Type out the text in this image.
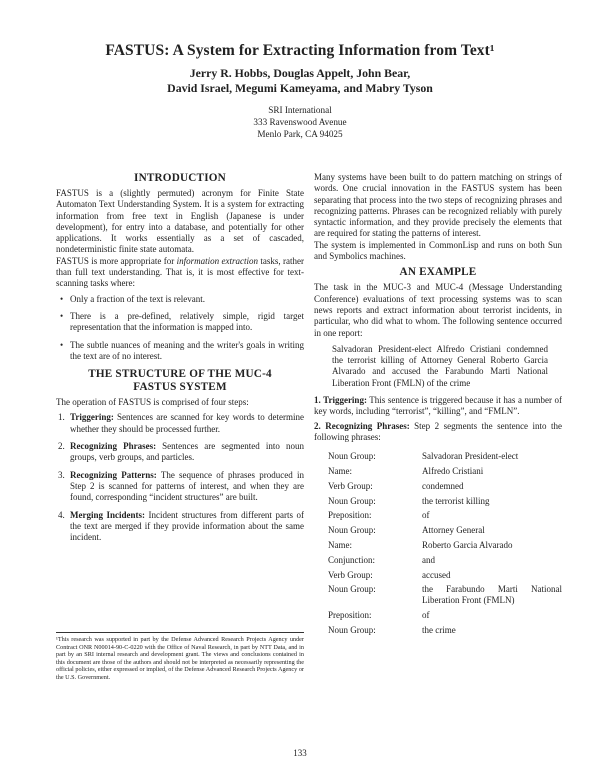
FASTUS: A System for Extracting Information from Text¹
Jerry R. Hobbs, Douglas Appelt, John Bear,
David Israel, Megumi Kameyama, and Mabry Tyson
SRI International
333 Ravenswood Avenue
Menlo Park, CA 94025
INTRODUCTION

FASTUS is a (slightly permuted) acronym for Finite State Automaton Text Understanding System. It is a system for extracting information from free text in English (Japanese is under development), for entry into a database, and potentially for other applications. It works essentially as a set of cascaded, nondeterministic finite state automata.

FASTUS is more appropriate for information extraction tasks, rather than full text understanding. That is, it is most effective for text-scanning tasks where:

• Only a fraction of the text is relevant.
• There is a pre-defined, relatively simple, rigid target representation that the information is mapped into.
• The subtle nuances of meaning and the writer's goals in writing the text are of no interest.
THE STRUCTURE OF THE MUC-4
FASTUS SYSTEM

The operation of FASTUS is comprised of four steps:

1. Triggering: Sentences are scanned for key words to determine whether they should be processed further.
2. Recognizing Phrases: Sentences are segmented into noun groups, verb groups, and particles.
3. Recognizing Patterns: The sequence of phrases produced in Step 2 is scanned for patterns of interest, and when they are found, corresponding “incident structures” are built.
4. Merging Incidents: Incident structures from different parts of the text are merged if they provide information about the same incident.
¹This research was supported in part by the Defense Advanced Research Projects Agency under Contract ONR N00014-90-C-0220 with the Office of Naval Research, in part by NTT Data, and in part by an SRI internal research and development grant. The views and conclusions contained in this document are those of the authors and should not be interpreted as necessarily representing the official policies, either expressed or implied, of the Defense Advanced Research Projects Agency or the U.S. Government.

Many systems have been built to do pattern matching on strings of words. One crucial innovation in the FASTUS system has been separating that process into the two steps of recognizing phrases and recognizing patterns. Phrases can be recognized reliably with purely syntactic information, and they provide precisely the elements that are required for stating the patterns of interest.

The system is implemented in CommonLisp and runs on both Sun and Symbolics machines.

AN EXAMPLE

The task in the MUC-3 and MUC-4 (Message Understanding Conference) evaluations of text processing systems was to scan news reports and extract information about terrorist incidents, in particular, who did what to whom. The following sentence occurred in one report:

Salvadoran President-elect Alfredo Cristiani condemned the terrorist killing of Attorney General Roberto Garcia Alvarado and accused the Farabundo Marti National Liberation Front (FMLN) of the crime

1. Triggering: This sentence is triggered because it has a number of key words, including “terrorist”, “killing”, and “FMLN”.

2. Recognizing Phrases: Step 2 segments the sentence into the following phrases:

Noun Group:	Salvadoran President-elect
Name:	Alfredo Cristiani
Verb Group:	condemned
Noun Group:	the terrorist killing
Preposition:	of
Noun Group:	Attorney General
Name:	Roberto Garcia Alvarado
Conjunction:	and
Verb Group:	accused
Noun Group:	the Farabundo Marti National Liberation Front (FMLN)
Preposition:	of
Noun Group:	the crime
133
